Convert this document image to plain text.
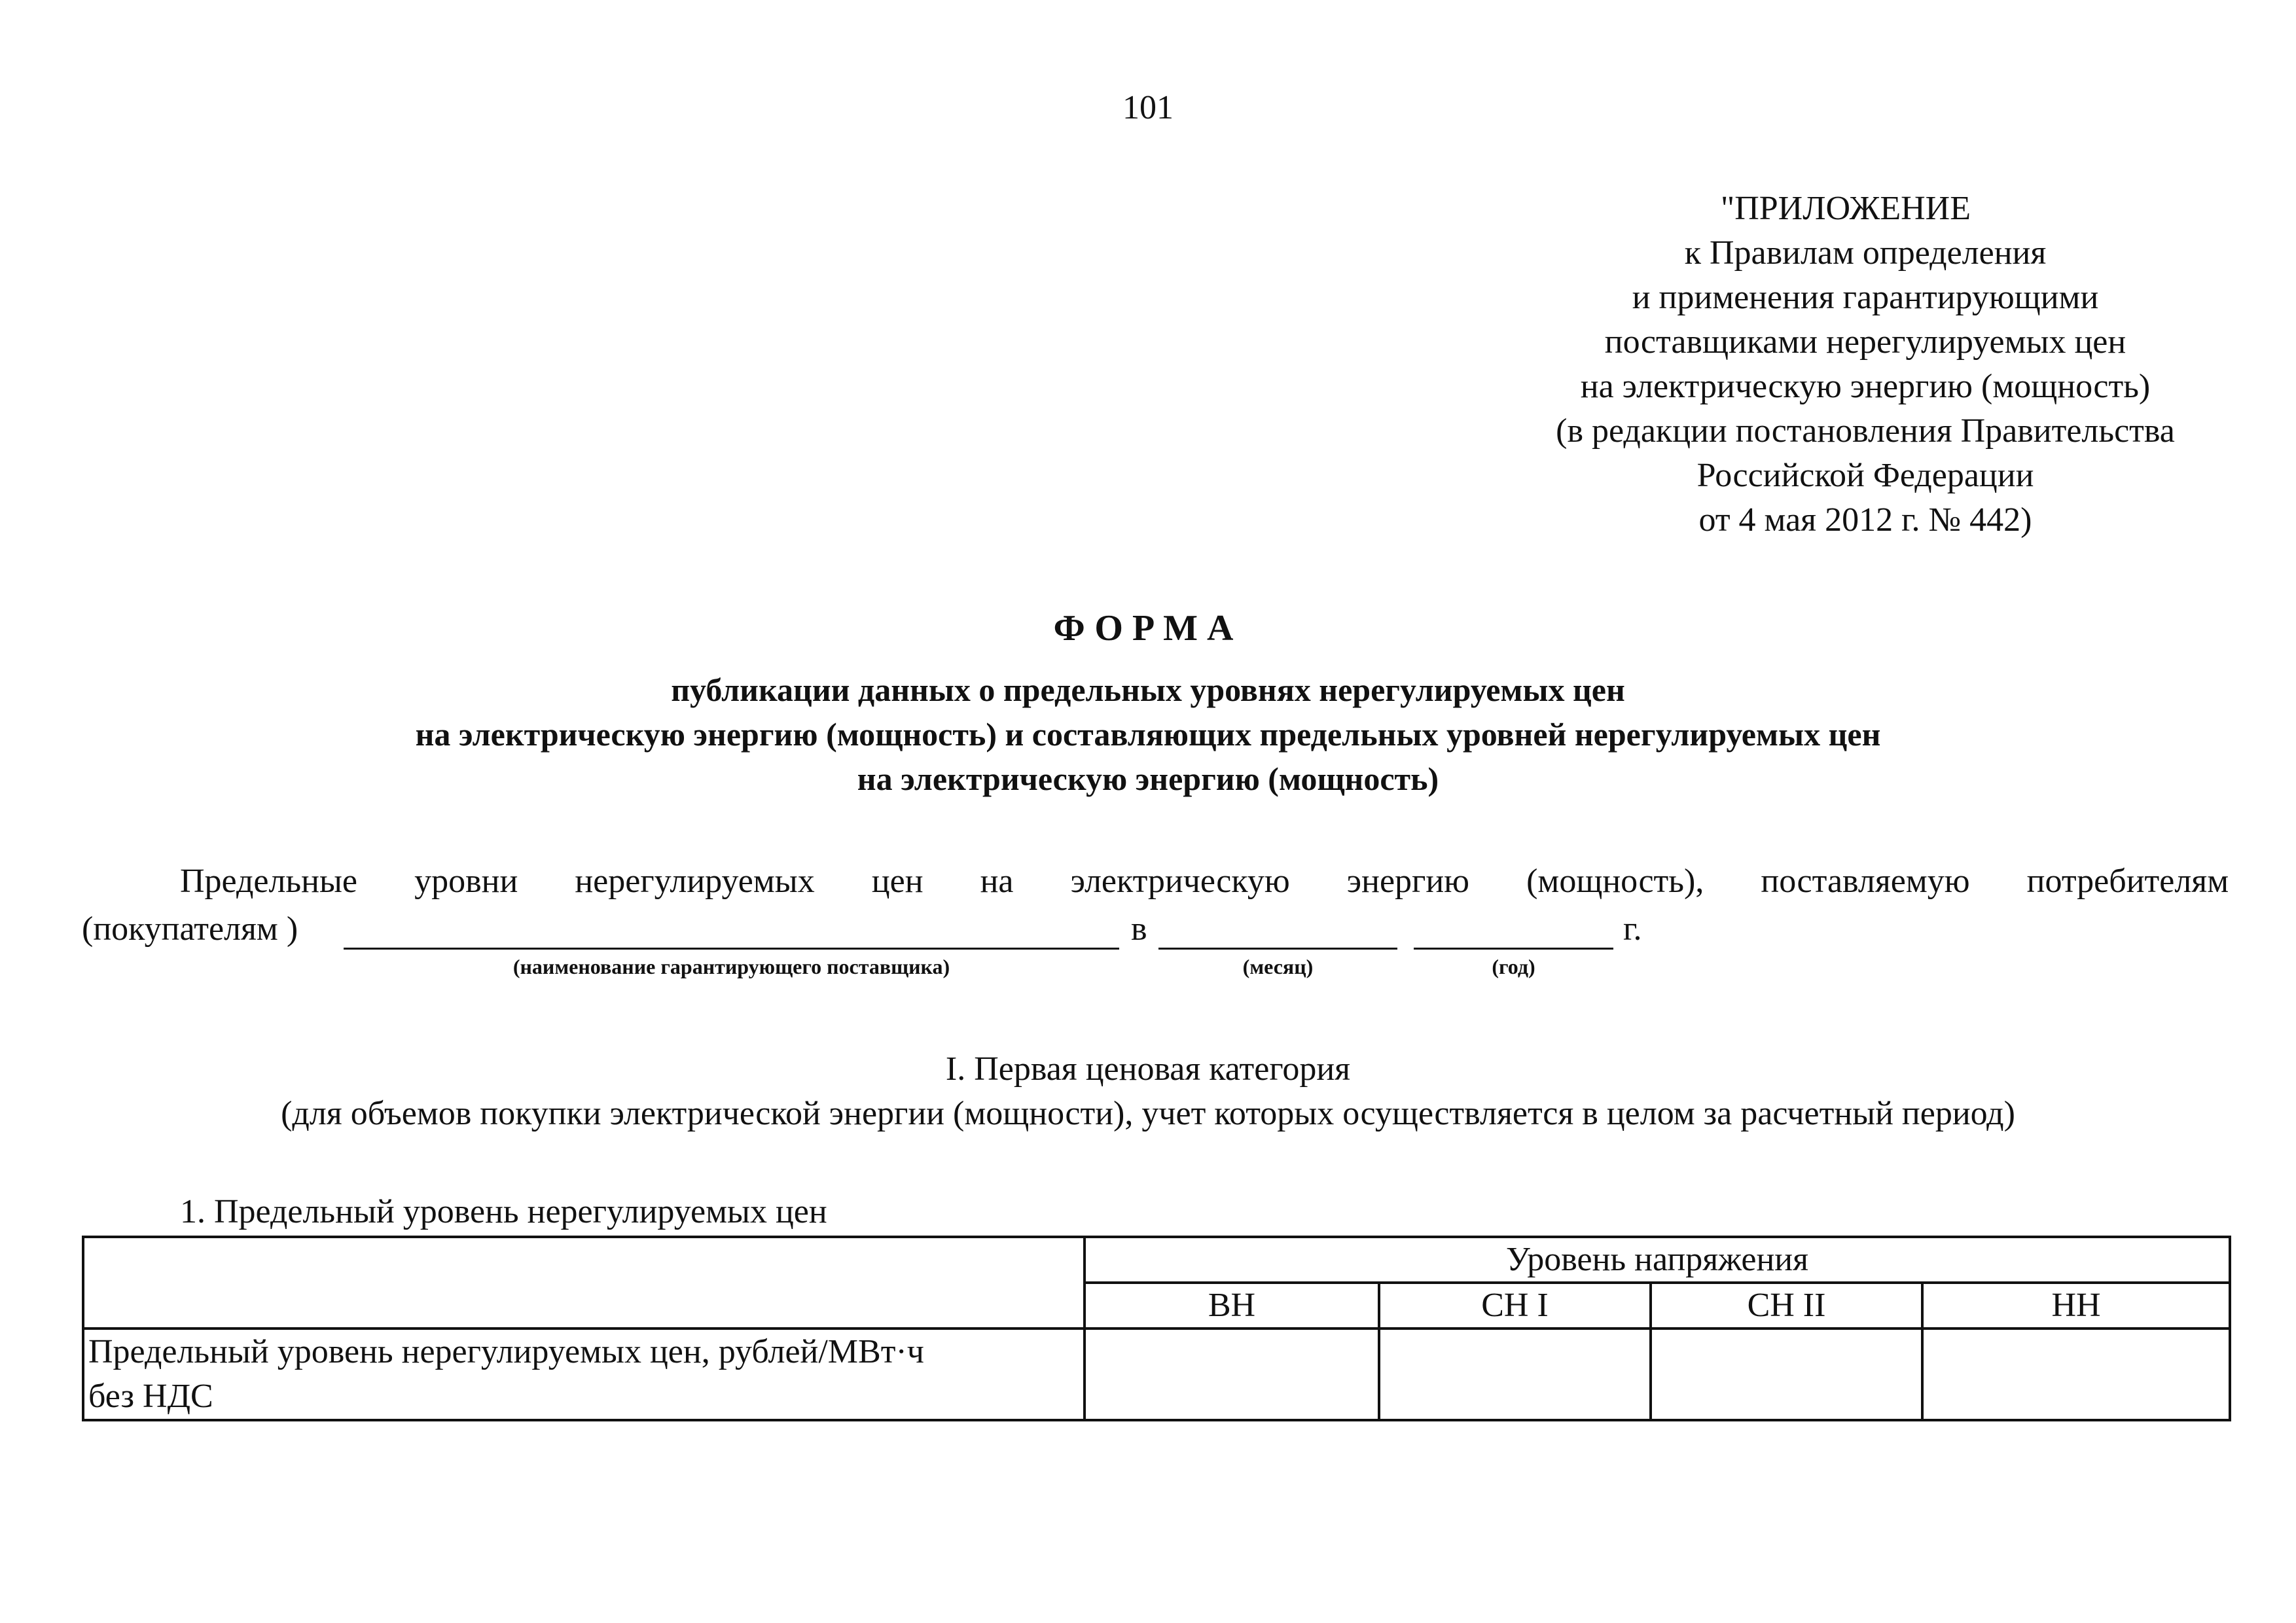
101
"ПРИЛОЖЕНИЕ
к Правилам определения
и применения гарантирующими
поставщиками нерегулируемых цен
на электрическую энергию (мощность)
(в редакции постановления Правительства
Российской Федерации
от 4 мая 2012 г. № 442)
ФОРМА
публикации данных о предельных уровнях нерегулируемых цен
на электрическую энергию (мощность) и составляющих предельных уровней нерегулируемых цен
на электрическую энергию (мощность)
Предельные уровни нерегулируемых цен на электрическую энергию (мощность), поставляемую потребителям
(покупателям )	в	г.
(наименование гарантирующего поставщика)	(месяц)	(год)
I. Первая ценовая категория
(для объемов покупки электрической энергии (мощности), учет которых осуществляется в целом за расчетный период)
1. Предельный уровень нерегулируемых цен
	Уровень напряжения			
	ВН	СН I	СН II	НН

Предельный уровень нерегулируемых цен, рублей/МВт·ч
без НДС				
